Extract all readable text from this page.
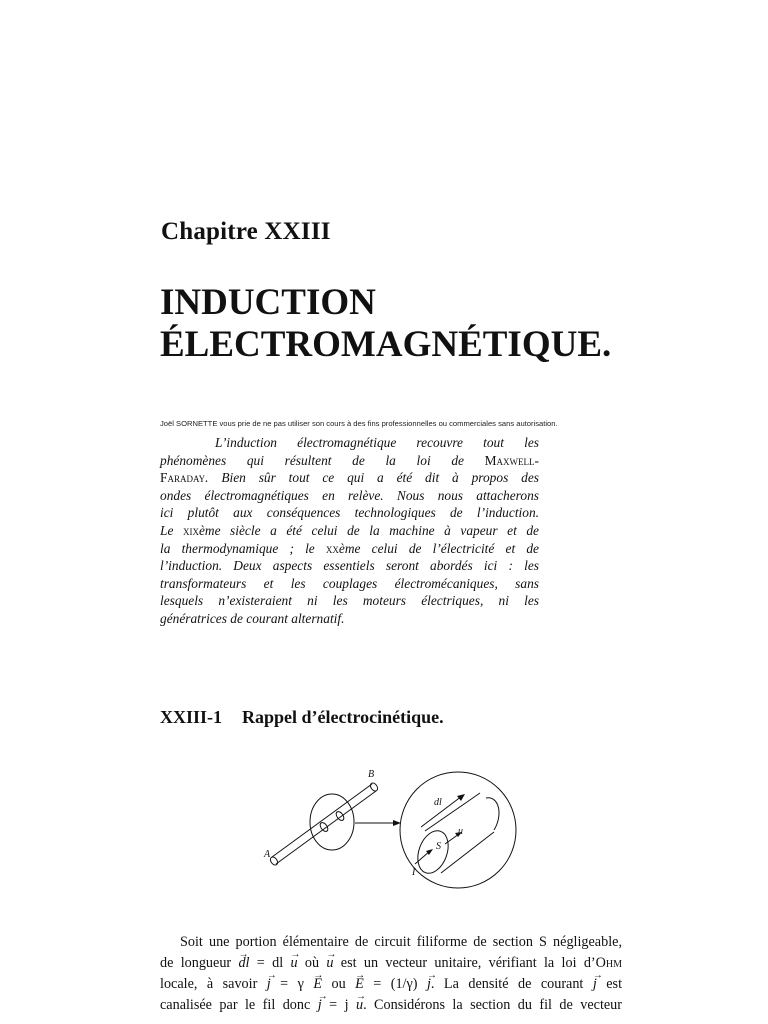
Chapitre XXIII
INDUCTION
ÉLECTROMAGNÉTIQUE.
Joël SORNETTE vous prie de ne pas utiliser son cours à des fins professionnelles ou commerciales sans autorisation.
L’induction électromagnétique recouvre tout les
phénomènes qui résultent de la loi de Maxwell-
Faraday. Bien sûr tout ce qui a été dit à propos des
ondes électromagnétiques en relève. Nous nous attacherons
ici plutôt aux conséquences technologiques de l’induction.
Le xixème siècle a été celui de la machine à vapeur et de
la thermodynamique ; le xxème celui de l’électricité et de
l’induction. Deux aspects essentiels seront abordés ici : les
transformateurs et les couplages électromécaniques, sans
lesquels n’existeraient ni les moteurs électriques, ni les
génératrices de courant alternatif.
XXIII-1 Rappel d’électrocinétique.
A
B
dl
u
S
I
Soit une portion élémentaire de circuit filiforme de section S négligeable,
de longueur → dl = dl → u où → u est un vecteur unitaire, vérifiant la loi d’Ohm
locale, à savoir → j = γ → E ou → E = (1/γ) → j. La densité de courant → j est
canalisée par le fil donc → j = j → u. Considérons la section du fil de vecteur
